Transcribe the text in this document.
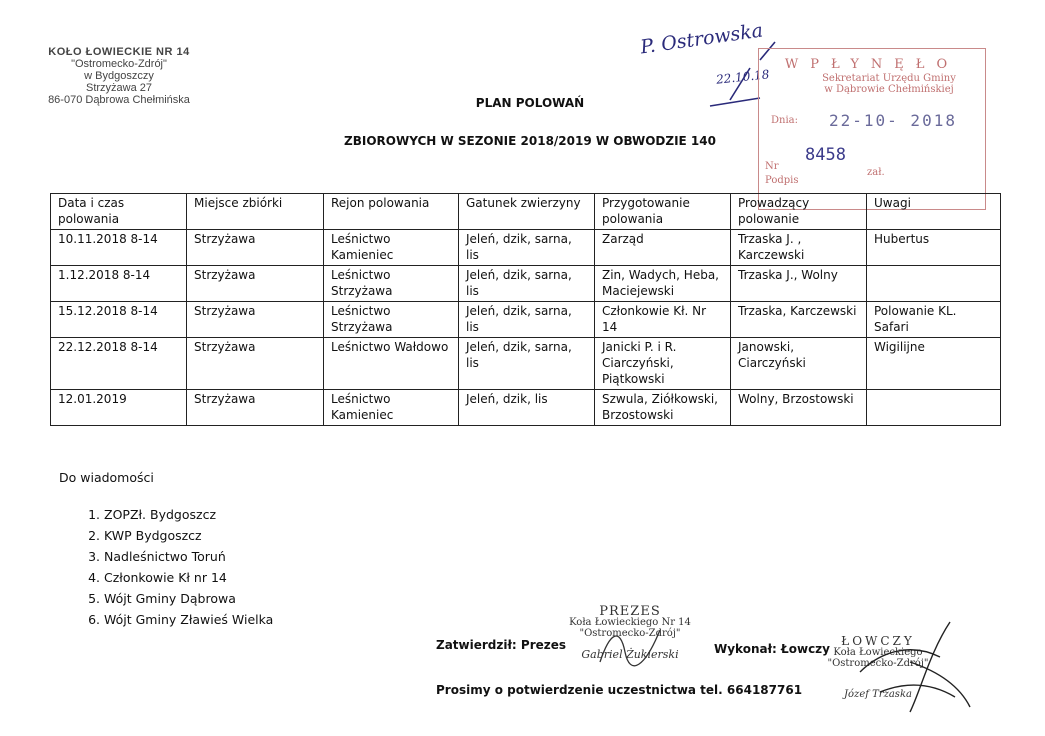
KOŁO ŁOWIECKIE NR 14
"Ostromecko-Zdrój"
w Bydgoszczy
Strzyżawa 27
86-070 Dąbrowa Chełmińska	PLAN POLOWAŃ
ZBIOROWYCH W SEZONIE 2018/2019 W OBWODZIE 140
P. Ostrowska
22.10.18
WPŁYNĘŁO
Sekretariat Urzędu Gminy
w Dąbrowie Chełmińskiej
Dnia: 22-10- 2018
8458
Nr
Podpis
zał.
Data i czas polowania	Miejsce zbiórki	Rejon polowania	Gatunek zwierzyny	Przygotowanie polowania	Prowadzący polowanie	Uwagi
10.11.2018 8-14	Strzyżawa	Leśnictwo Kamieniec	Jeleń, dzik, sarna, lis	Zarząd	Trzaska J. , Karczewski	Hubertus
1.12.2018 8-14	Strzyżawa	Leśnictwo Strzyżawa	Jeleń, dzik, sarna, lis	Zin, Wadych, Heba, Maciejewski	Trzaska J., Wolny	
15.12.2018 8-14	Strzyżawa	Leśnictwo Strzyżawa	Jeleń, dzik, sarna, lis	Członkowie Kł. Nr 14	Trzaska, Karczewski	Polowanie KL. Safari
22.12.2018 8-14	Strzyżawa	Leśnictwo Wałdowo	Jeleń, dzik, sarna, lis	Janicki P. i R. Ciarczyński, Piątkowski	Janowski, Ciarczyński	Wigilijne
12.01.2019	Strzyżawa	Leśnictwo Kamieniec	Jeleń, dzik, lis	Szwula, Ziółkowski, Brzostowski	Wolny, Brzostowski	
Do wiadomości
1. ZOPZł. Bydgoszcz
2. KWP Bydgoszcz
3. Nadleśnictwo Toruń
4. Członkowie Kł nr 14
5. Wójt Gminy Dąbrowa
6. Wójt Gminy Zławieś Wielka
Zatwierdził: Prezes	Wykonał: Łowczy
Prosimy o potwierdzenie uczestnictwa tel. 664187761
PREZES
Koła Łowieckiego Nr 14
"Ostromecko-Zdrój"
Gabriel Żukierski
ŁOWCZY
Koła Łowieckiego
"Ostromecko-Zdrój"
Józef Trzaska
